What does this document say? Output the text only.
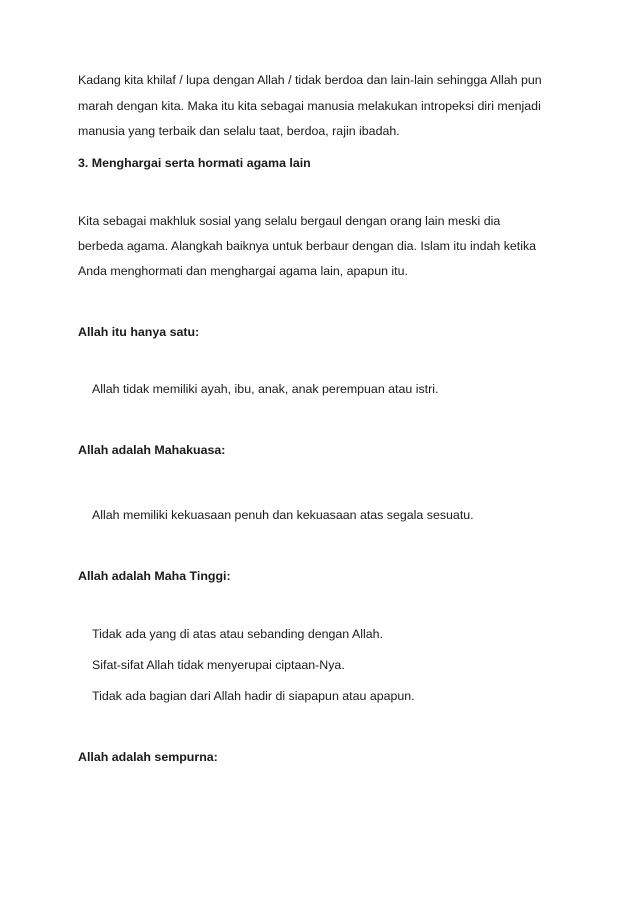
Kadang kita khilaf / lupa dengan Allah / tidak berdoa dan lain-lain sehingga Allah pun
marah dengan kita. Maka itu kita sebagai manusia melakukan intropeksi diri menjadi
manusia yang terbaik dan selalu taat, berdoa, rajin ibadah.
3. Menghargai serta hormati agama lain
Kita sebagai makhluk sosial yang selalu bergaul dengan orang lain meski dia
berbeda agama. Alangkah baiknya untuk berbaur dengan dia. Islam itu indah ketika
Anda menghormati dan menghargai agama lain, apapun itu.
Allah itu hanya satu:
Allah tidak memiliki ayah, ibu, anak, anak perempuan atau istri.
Allah adalah Mahakuasa:
Allah memiliki kekuasaan penuh dan kekuasaan atas segala sesuatu.
Allah adalah Maha Tinggi:
Tidak ada yang di atas atau sebanding dengan Allah.
Sifat-sifat Allah tidak menyerupai ciptaan-Nya.
Tidak ada bagian dari Allah hadir di siapapun atau apapun.
Allah adalah sempurna:
